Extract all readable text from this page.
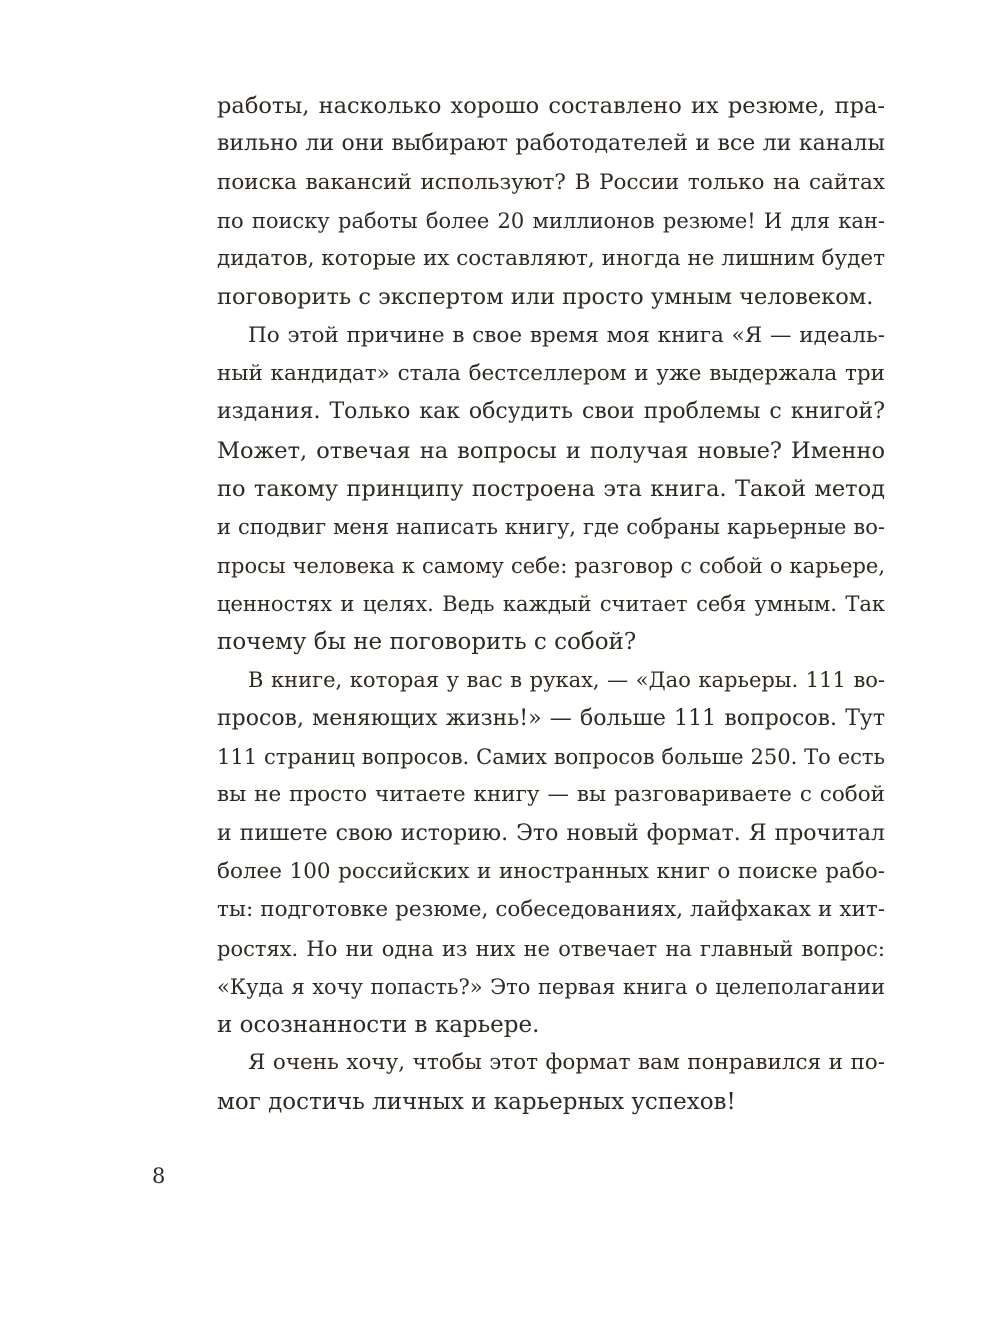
работы, насколько хорошо составлено их резюме, пра-
вильно ли они выбирают работодателей и все ли каналы
поиска вакансий используют? В России только на сайтах
по поиску работы более 20 миллионов резюме! И для кан-
дидатов, которые их составляют, иногда не лишним будет
поговорить с экспертом или просто умным человеком.
По этой причине в свое время моя книга «Я — идеаль-
ный кандидат» стала бестселлером и уже выдержала три
издания. Только как обсудить свои проблемы с книгой?
Может, отвечая на вопросы и получая новые? Именно
по такому принципу построена эта книга. Такой метод
и сподвиг меня написать книгу, где собраны карьерные во-
просы человека к самому себе: разговор с собой о карьере,
ценностях и целях. Ведь каждый считает себя умным. Так
почему бы не поговорить с собой?
В книге, которая у вас в руках, — «Дао карьеры. 111 во-
просов, меняющих жизнь!» — больше 111 вопросов. Тут
111 страниц вопросов. Самих вопросов больше 250. То есть
вы не просто читаете книгу — вы разговариваете с собой
и пишете свою историю. Это новый формат. Я прочитал
более 100 российских и иностранных книг о поиске рабо-
ты: подготовке резюме, собеседованиях, лайфхаках и хит-
ростях. Но ни одна из них не отвечает на главный вопрос:
«Куда я хочу попасть?» Это первая книга о целеполагании
и осознанности в карьере.
Я очень хочу, чтобы этот формат вам понравился и по-
мог достичь личных и карьерных успехов!
8
